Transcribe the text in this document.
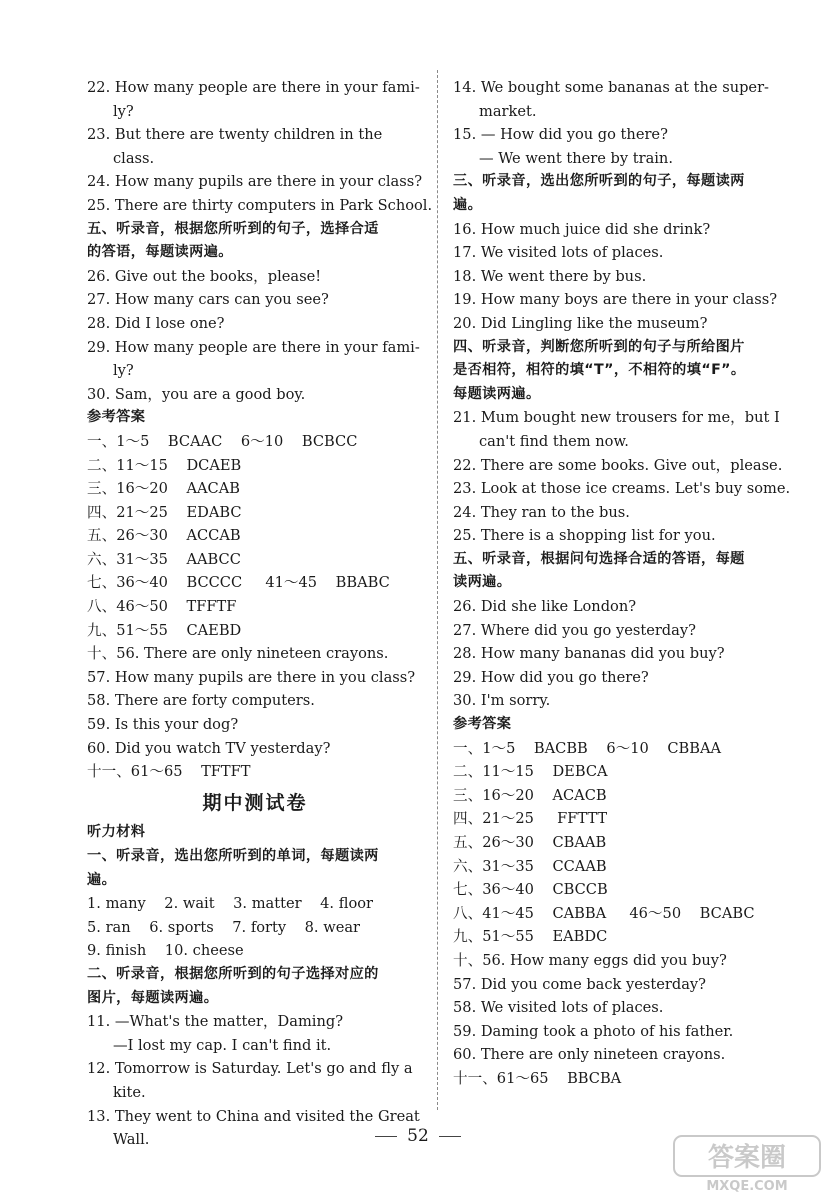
22. How many people are there in your fami-
ly?
23. But there are twenty children in the
class.
24. How many pupils are there in your class?
25. There are thirty computers in Park School.
五、听录音，根据您所听到的句子，选择合适
的答语，每题读两遍。
26. Give out the books，please!
27. How many cars can you see?
28. Did I lose one?
29. How many people are there in your fami-
ly?
30. Sam，you are a good boy.
参考答案
一、1～5    BCAAC    6～10    BCBCC
二、11～15    DCAEB
三、16～20    AACAB
四、21～25    EDABC
五、26～30    ACCAB
六、31～35    AABCC
七、36～40    BCCCC     41～45    BBABC
八、46～50    TFFTF
九、51～55    CAEBD
十、56. There are only nineteen crayons.
57. How many pupils are there in you class?
58. There are forty computers.
59. Is this your dog?
60. Did you watch TV yesterday?
十一、61～65    TFTFT
期中测试卷
听力材料
一、听录音，选出您所听到的单词，每题读两
遍。
1. many    2. wait    3. matter    4. floor
5. ran    6. sports    7. forty    8. wear
9. finish    10. cheese
二、听录音，根据您所听到的句子选择对应的
图片，每题读两遍。
11. —What's the matter，Daming?
—I lost my cap. I can't find it.
12. Tomorrow is Saturday. Let's go and fly a
kite.
13. They went to China and visited the Great
Wall.
14. We bought some bananas at the super-
market.
15. — How did you go there?
— We went there by train.
三、听录音，选出您所听到的句子，每题读两
遍。
16. How much juice did she drink?
17. We visited lots of places.
18. We went there by bus.
19. How many boys are there in your class?
20. Did Lingling like the museum?
四、听录音，判断您所听到的句子与所给图片
是否相符，相符的填“T”，不相符的填“F”。
每题读两遍。
21. Mum bought new trousers for me，but I
can't find them now.
22. There are some books. Give out，please.
23. Look at those ice creams. Let's buy some.
24. They ran to the bus.
25. There is a shopping list for you.
五、听录音，根据问句选择合适的答语，每题
读两遍。
26. Did she like London?
27. Where did you go yesterday?
28. How many bananas did you buy?
29. How did you go there?
30. I'm sorry.
参考答案
一、1～5    BACBB    6～10    CBBAA
二、11～15    DEBCA
三、16～20    ACACB
四、21～25     FFTTT
五、26～30    CBAAB
六、31～35    CCAAB
七、36～40    CBCCB
八、41～45    CABBA     46～50    BCABC
九、51～55    EABDC
十、56. How many eggs did you buy?
57. Did you come back yesterday?
58. We visited lots of places.
59. Daming took a photo of his father.
60. There are only nineteen crayons.
十一、61～65    BBCBA
52
答案圈
MXQE.COM
